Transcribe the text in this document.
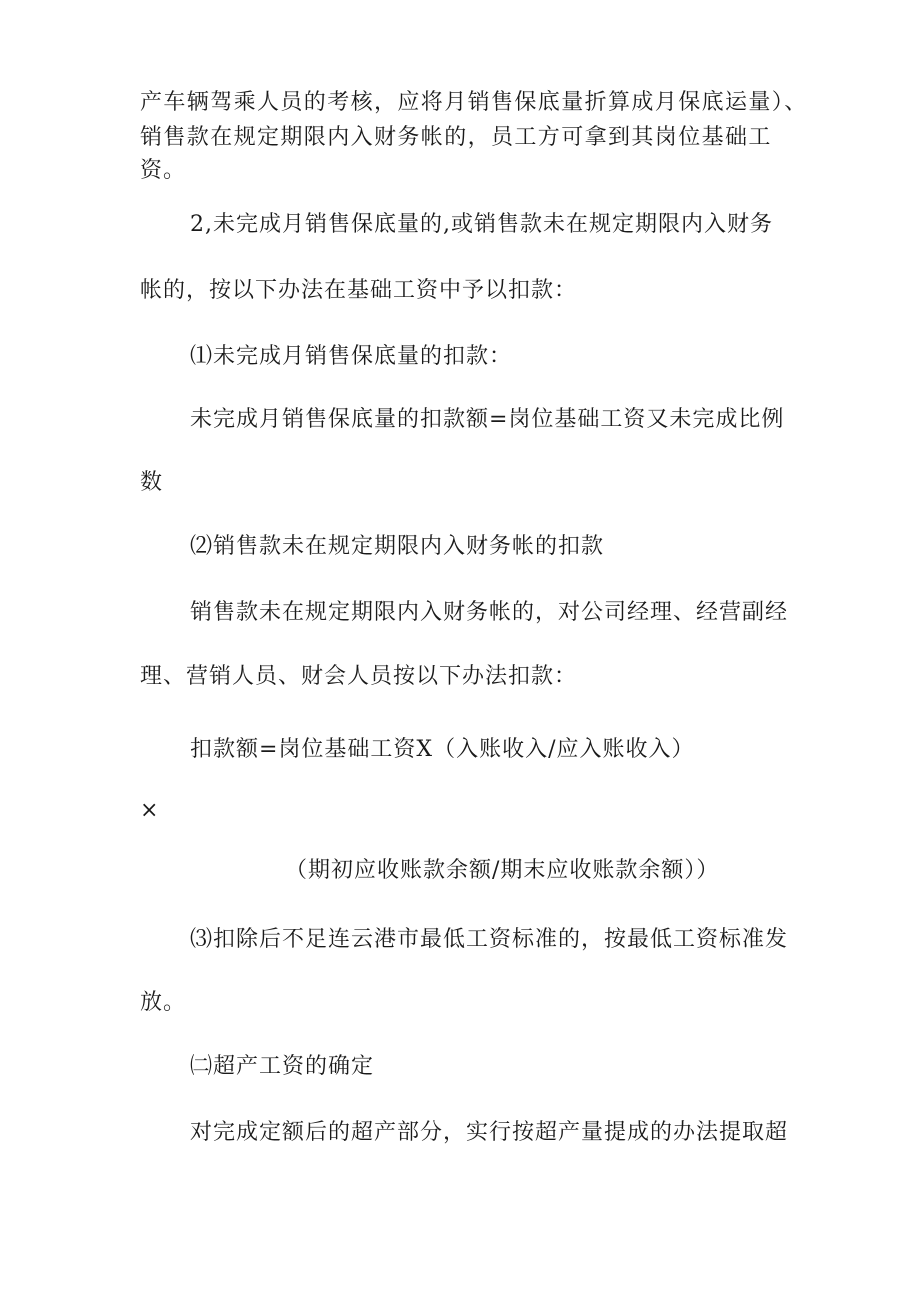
产车辆驾乘人员的考核，应将月销售保底量折算成月保底运量）、
销售款在规定期限内入财务帐的，员工方可拿到其岗位基础工
资。
2,未完成月销售保底量的,或销售款未在规定期限内入财务
帐的，按以下办法在基础工资中予以扣款：
⑴未完成月销售保底量的扣款：
未完成月销售保底量的扣款额=岗位基础工资又未完成比例
数
⑵销售款未在规定期限内入财务帐的扣款
销售款未在规定期限内入财务帐的，对公司经理、经营副经
理、营销人员、财会人员按以下办法扣款：
扣款额=岗位基础工资X（入账收入/应入账收入）
×
（期初应收账款余额/期末应收账款余额））
⑶扣除后不足连云港市最低工资标准的，按最低工资标准发
放。
㈡超产工资的确定
对完成定额后的超产部分，实行按超产量提成的办法提取超
